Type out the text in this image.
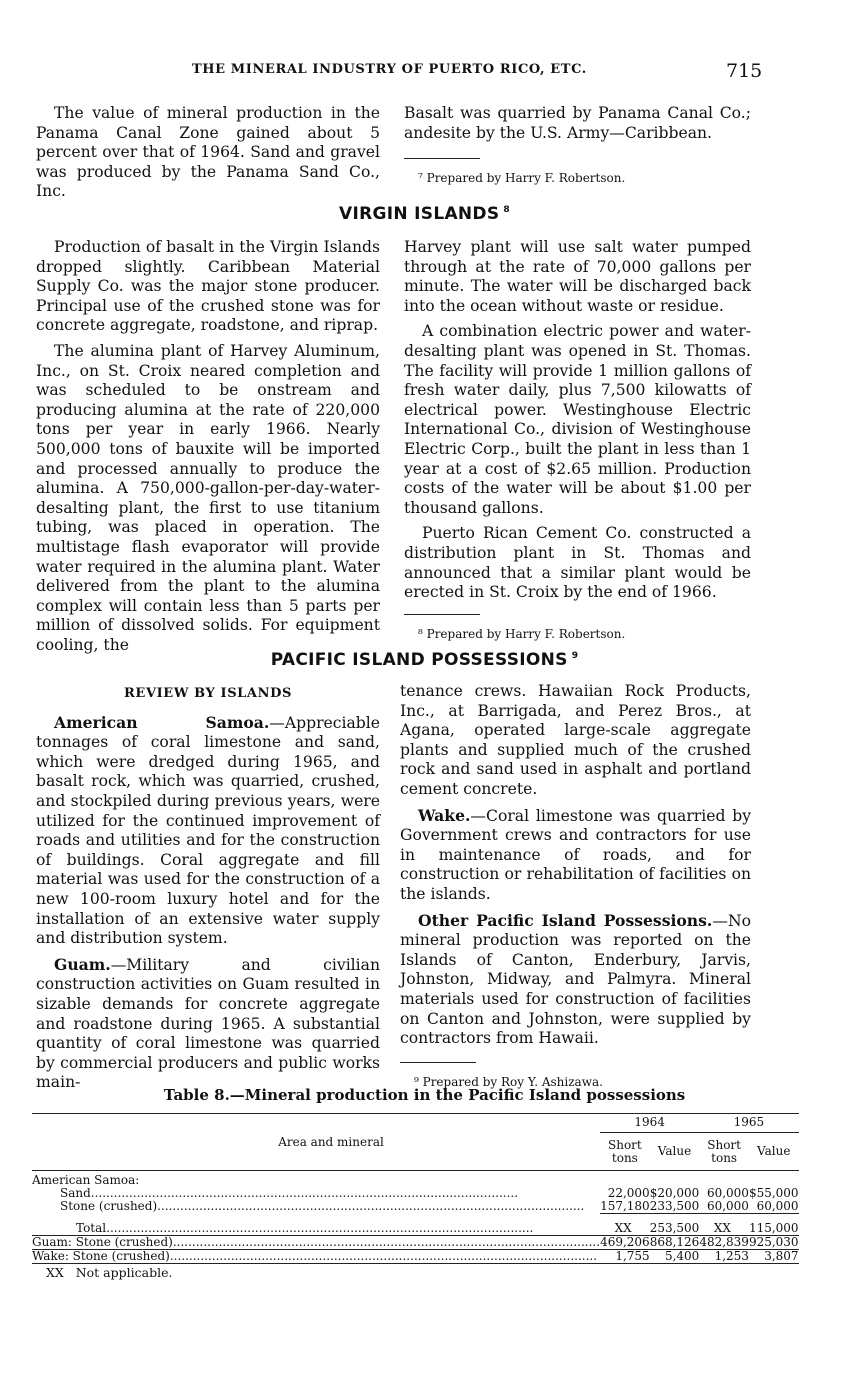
THE MINERAL INDUSTRY OF PUERTO RICO, ETC.	715

The value of mineral production in the Panama Canal Zone gained about 5 percent over that of 1964. Sand and gravel was produced by the Panama Sand Co., Inc.

Basalt was quarried by Panama Canal Co.; andesite by the U.S. Army—Caribbean.

⁷ Prepared by Harry F. Robertson.

VIRGIN ISLANDS $^8$

Production of basalt in the Virgin Islands dropped slightly. Caribbean Material Supply Co. was the major stone producer. Principal use of the crushed stone was for concrete aggregate, roadstone, and riprap.

The alumina plant of Harvey Aluminum, Inc., on St. Croix neared completion and was scheduled to be onstream and producing alumina at the rate of 220,000 tons per year in early 1966. Nearly 500,000 tons of bauxite will be imported and processed annually to produce the alumina. A 750,000-gallon-per-day-water-desalting plant, the first to use titanium tubing, was placed in operation. The multistage flash evaporator will provide water required in the alumina plant. Water delivered from the plant to the alumina complex will contain less than 5 parts per million of dissolved solids. For equipment cooling, the

Harvey plant will use salt water pumped through at the rate of 70,000 gallons per minute. The water will be discharged back into the ocean without waste or residue.

A combination electric power and water-desalting plant was opened in St. Thomas. The facility will provide 1 million gallons of fresh water daily, plus 7,500 kilowatts of electrical power. Westinghouse Electric International Co., division of Westinghouse Electric Corp., built the plant in less than 1 year at a cost of $2.65 million. Production costs of the water will be about $1.00 per thousand gallons.

Puerto Rican Cement Co. constructed a distribution plant in St. Thomas and announced that a similar plant would be erected in St. Croix by the end of 1966.

⁸ Prepared by Harry F. Robertson.

PACIFIC ISLAND POSSESSIONS $^9$
REVIEW BY ISLANDS

American Samoa.—Appreciable tonnages of coral limestone and sand, which were dredged during 1965, and basalt rock, which was quarried, crushed, and stockpiled during previous years, were utilized for the continued improvement of roads and utilities and for the construction of buildings. Coral aggregate and fill material was used for the construction of a new 100-room luxury hotel and for the installation of an extensive water supply and distribution system.

Guam.—Military and civilian construction activities on Guam resulted in sizable demands for concrete aggregate and roadstone during 1965. A substantial quantity of coral limestone was quarried by commercial producers and public works main-

tenance crews. Hawaiian Rock Products, Inc., at Barrigada, and Perez Bros., at Agana, operated large-scale aggregate plants and supplied much of the crushed rock and sand used in asphalt and portland cement concrete.

Wake.—Coral limestone was quarried by Government crews and contractors for use in maintenance of roads, and for construction or rehabilitation of facilities on the islands.

Other Pacific Island Possessions.—No mineral production was reported on the Islands of Canton, Enderbury, Jarvis, Johnston, Midway, and Palmyra. Mineral materials used for construction of facilities on Canton and Johnston, were supplied by contractors from Hawaii.

⁹ Prepared by Roy Y. Ashizawa.

Table 8.—Mineral production in the Pacific Island possessions
Area and mineral	1964		1965	
	Short tons	Value	Short tons	Value
American Samoa:				

Sand ................................................................................................................	22,000	$20,000	60,000	$55,000

Stone (crushed) ................................................................................................................	157,180	233,500	60,000	60,000

Total ................................................................................................................	XX	253,500	XX	115,000

Guam: Stone (crushed) ................................................................................................................	469,206	868,126	482,839	925,030

Wake: Stone (crushed) ................................................................................................................	1,755	5,400	1,253	3,807
XX   Not applicable.
